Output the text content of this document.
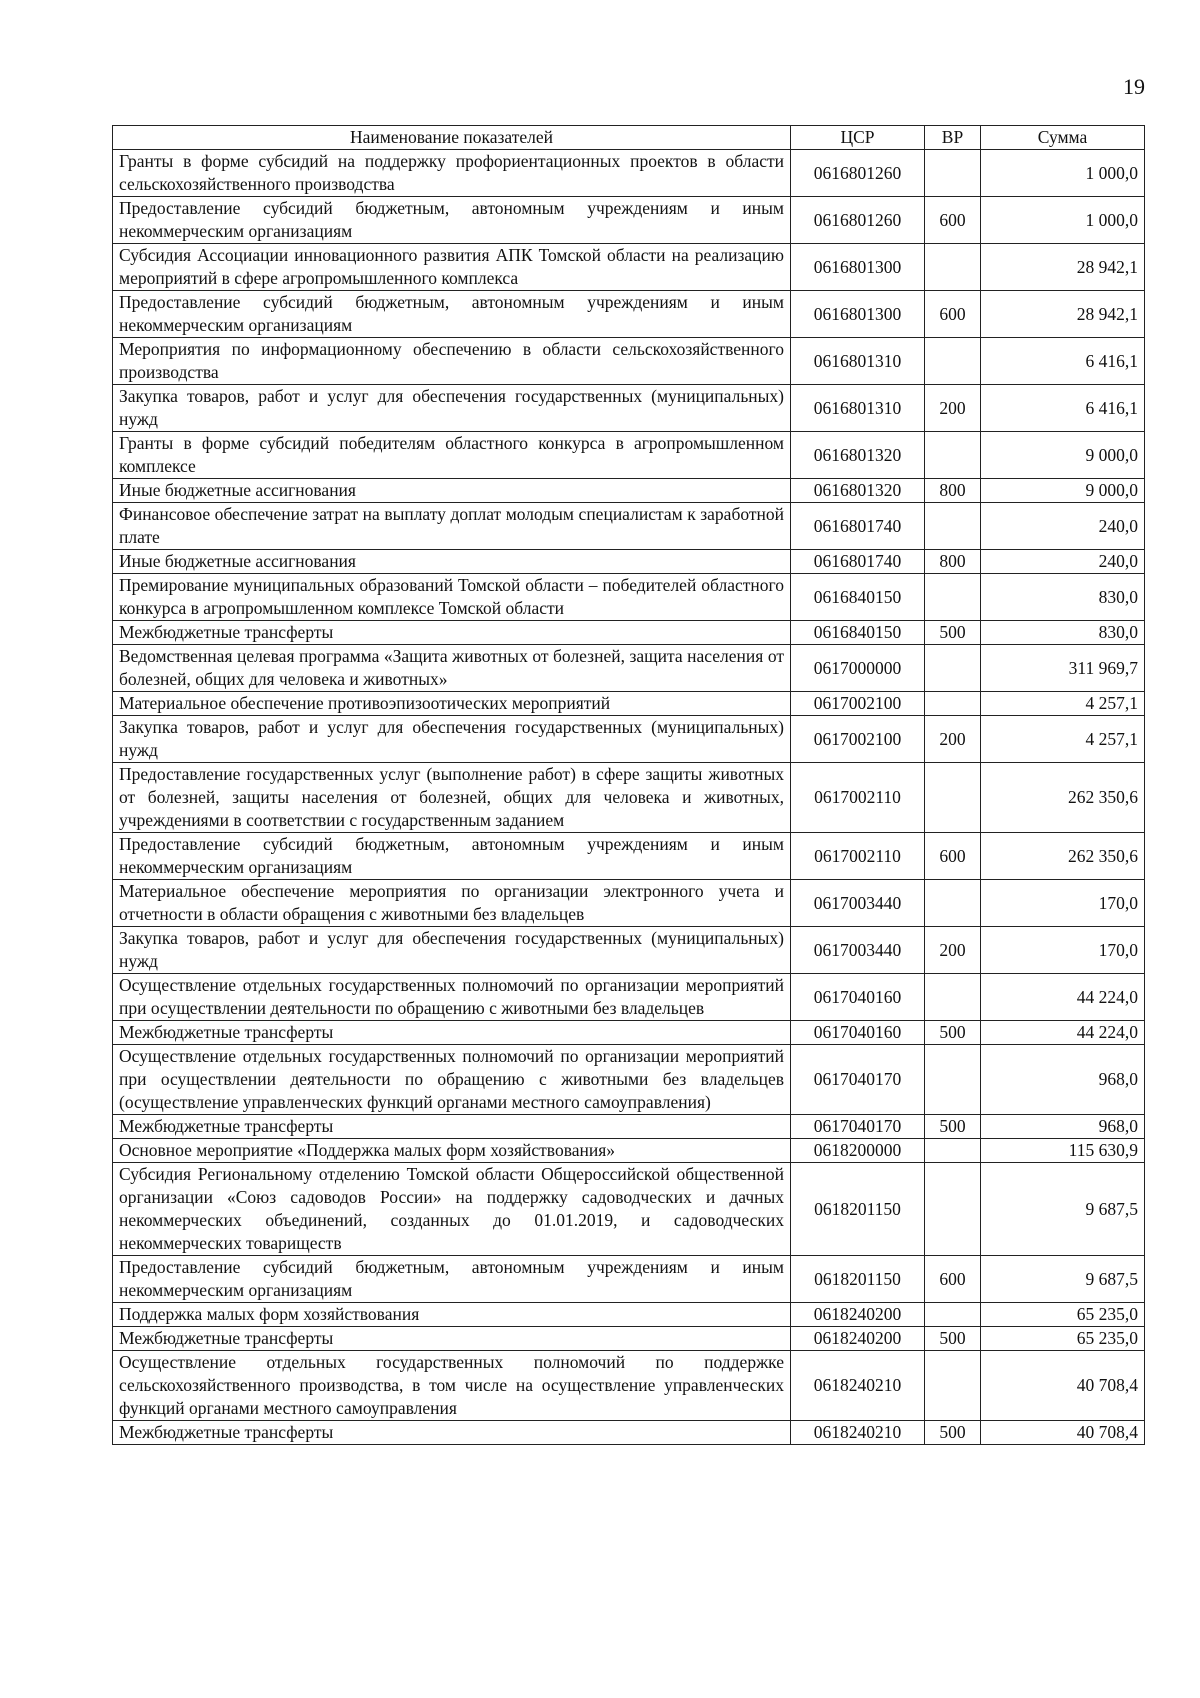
19
Наименование показателей	ЦСР	ВР	Сумма
Гранты в форме субсидий на поддержку профориентационных проектов в области сельскохозяйственного производства	0616801260		1 000,0
Предоставление субсидий бюджетным, автономным учреждениям и иным некоммерческим организациям	0616801260	600	1 000,0
Субсидия Ассоциации инновационного развития АПК Томской области на реализацию мероприятий в сфере агропромышленного комплекса	0616801300		28 942,1
Предоставление субсидий бюджетным, автономным учреждениям и иным некоммерческим организациям	0616801300	600	28 942,1
Мероприятия по информационному обеспечению в области сельскохозяйственного производства	0616801310		6 416,1
Закупка товаров, работ и услуг для обеспечения государственных (муниципальных) нужд	0616801310	200	6 416,1
Гранты в форме субсидий победителям областного конкурса в агропромышленном комплексе	0616801320		9 000,0
Иные бюджетные ассигнования	0616801320	800	9 000,0
Финансовое обеспечение затрат на выплату доплат молодым специалистам к заработной плате	0616801740		240,0
Иные бюджетные ассигнования	0616801740	800	240,0
Премирование муниципальных образований Томской области – победителей областного конкурса в агропромышленном комплексе Томской области	0616840150		830,0
Межбюджетные трансферты	0616840150	500	830,0
Ведомственная целевая программа «Защита животных от болезней, защита населения от болезней, общих для человека и животных»	0617000000		311 969,7
Материальное обеспечение противоэпизоотических мероприятий	0617002100		4 257,1
Закупка товаров, работ и услуг для обеспечения государственных (муниципальных) нужд	0617002100	200	4 257,1
Предоставление государственных услуг (выполнение работ) в сфере защиты животных от болезней, защиты населения от болезней, общих для человека и животных, учреждениями в соответствии с государственным заданием	0617002110		262 350,6
Предоставление субсидий бюджетным, автономным учреждениям и иным некоммерческим организациям	0617002110	600	262 350,6
Материальное обеспечение мероприятия по организации электронного учета и отчетности в области обращения с животными без владельцев	0617003440		170,0
Закупка товаров, работ и услуг для обеспечения государственных (муниципальных) нужд	0617003440	200	170,0
Осуществление отдельных государственных полномочий по организации мероприятий при осуществлении деятельности по обращению с животными без владельцев	0617040160		44 224,0
Межбюджетные трансферты	0617040160	500	44 224,0
Осуществление отдельных государственных полномочий по организации мероприятий при осуществлении деятельности по обращению с животными без владельцев (осуществление управленческих функций органами местного самоуправления)	0617040170		968,0
Межбюджетные трансферты	0617040170	500	968,0
Основное мероприятие «Поддержка малых форм хозяйствования»	0618200000		115 630,9
Субсидия Региональному отделению Томской области Общероссийской общественной организации «Союз садоводов России» на поддержку садоводческих и дачных некоммерческих объединений, созданных до 01.01.2019, и садоводческих некоммерческих товариществ	0618201150		9 687,5
Предоставление субсидий бюджетным, автономным учреждениям и иным некоммерческим организациям	0618201150	600	9 687,5
Поддержка малых форм хозяйствования	0618240200		65 235,0
Межбюджетные трансферты	0618240200	500	65 235,0
Осуществление отдельных государственных полномочий по поддержке сельскохозяйственного производства, в том числе на осуществление управленческих функций органами местного самоуправления	0618240210		40 708,4
Межбюджетные трансферты	0618240210	500	40 708,4
